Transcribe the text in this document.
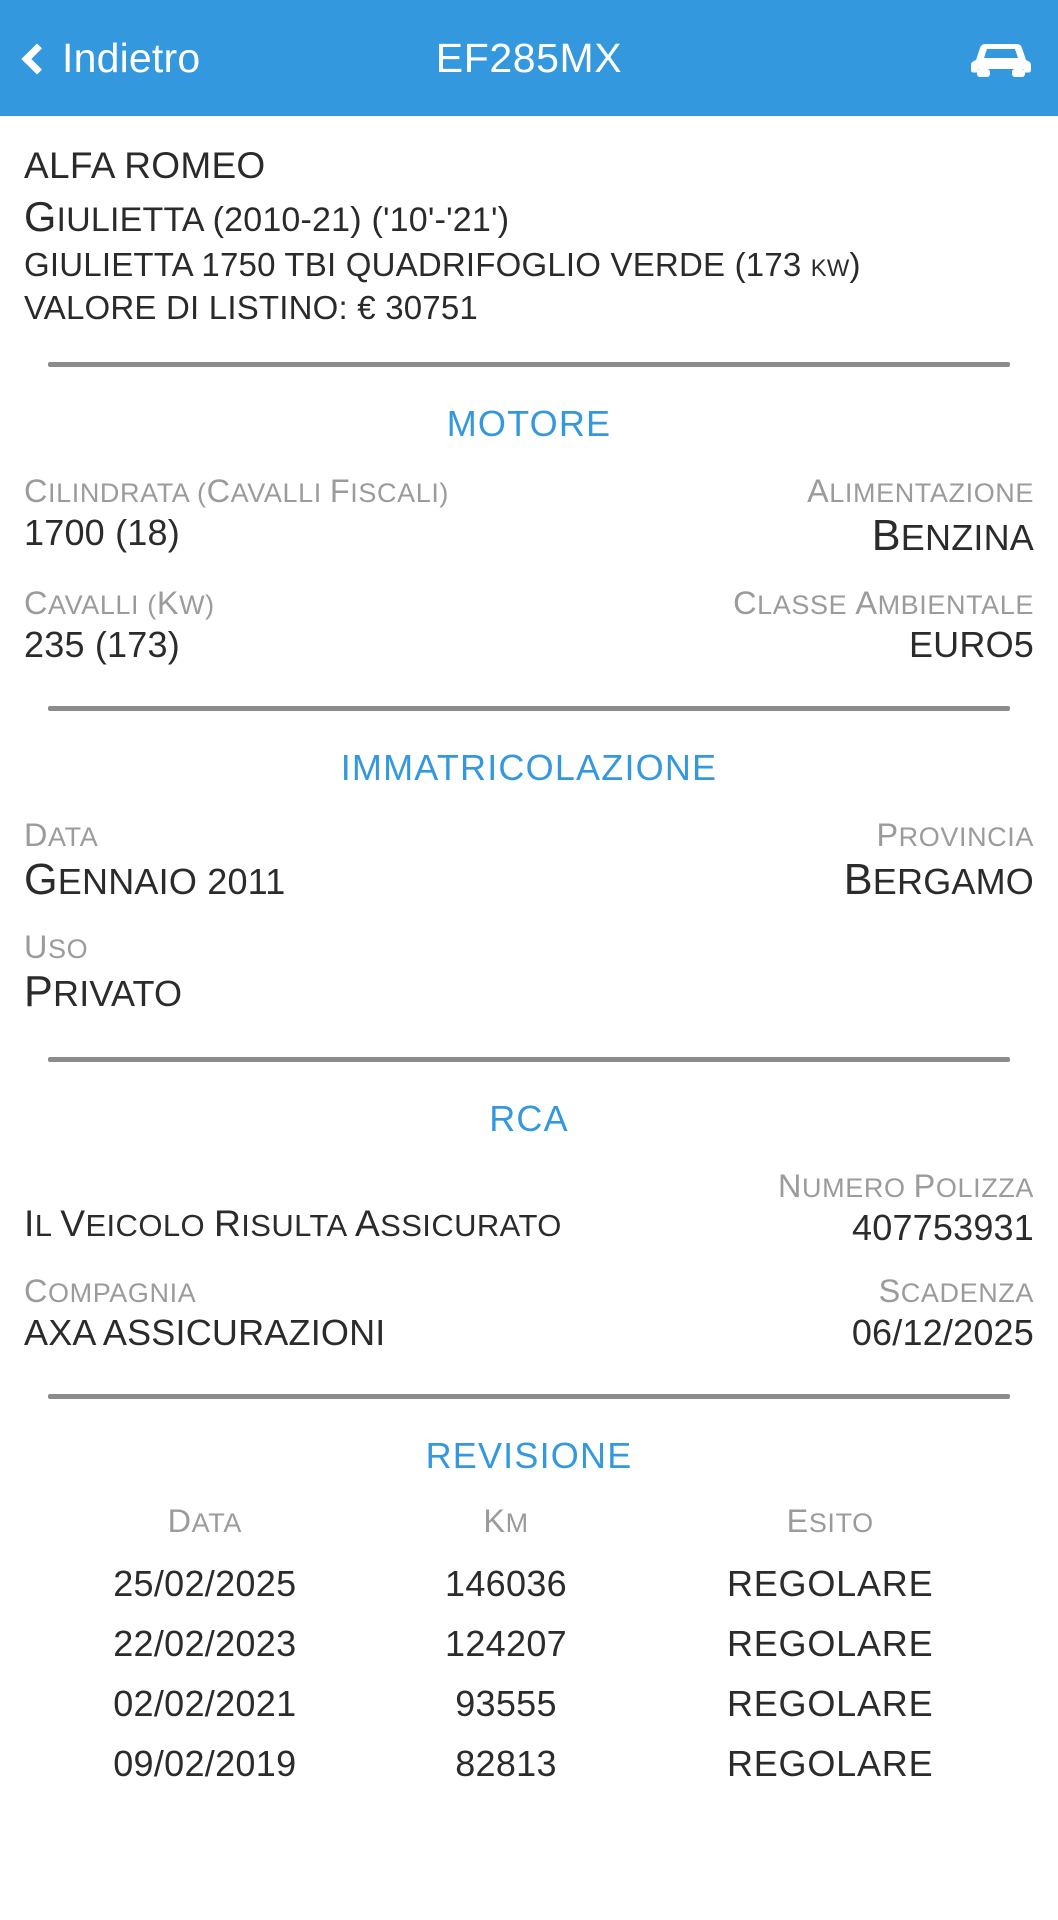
Indietro	EF285MX
ALFA ROMEO
GIULIETTA (2010-21) ('10'-'21')
GIULIETTA 1750 TBI QUADRIFOGLIO VERDE (173 KW)
VALORE DI LISTINO: € 30751
MOTORE
CILINDRATA (CAVALLI FISCALI)
1700 (18)
ALIMENTAZIONE
BENZINA
CAVALLI (KW)
235 (173)
CLASSE AMBIENTALE
EURO5
IMMATRICOLAZIONE
DATA
GENNAIO 2011
PROVINCIA
BERGAMO
USO
PRIVATO
RCA
IL VEICOLO RISULTA ASSICURATO
NUMERO POLIZZA
407753931
COMPAGNIA
AXA ASSICURAZIONI
SCADENZA
06/12/2025
REVISIONE
DATA	KM	ESITO
25/02/2025	146036	REGOLARE
22/02/2023	124207	REGOLARE
02/02/2021	93555	REGOLARE
09/02/2019	82813	REGOLARE
